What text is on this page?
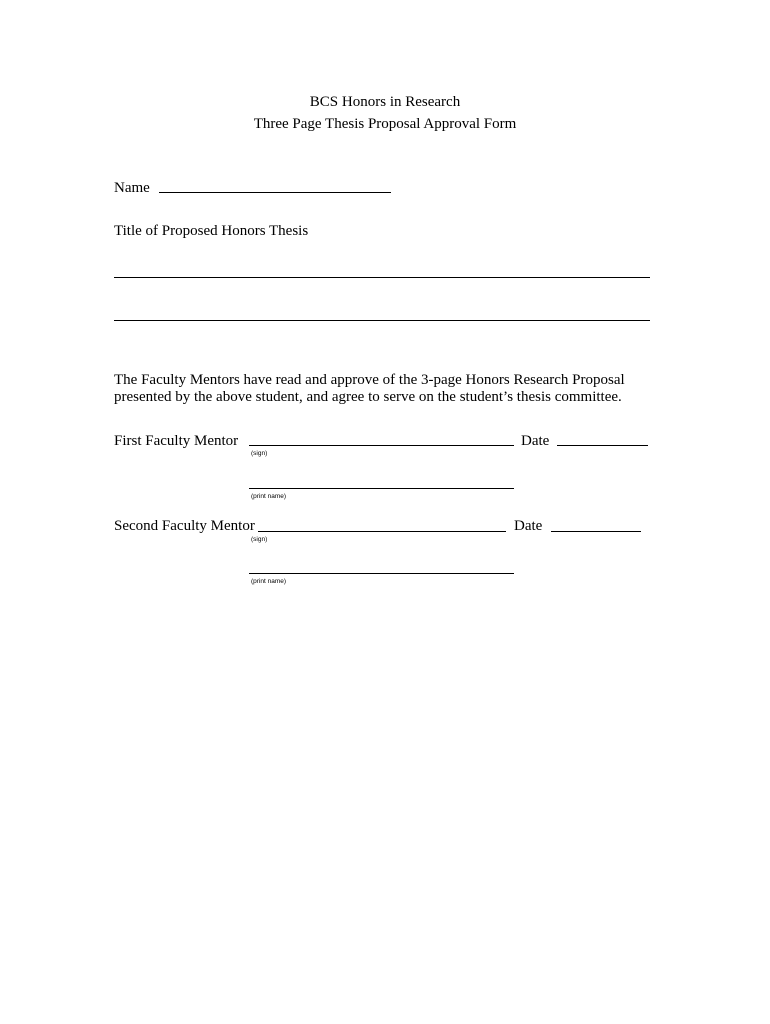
BCS Honors in Research
Three Page Thesis Proposal Approval Form
Name
Title of Proposed Honors Thesis
The Faculty Mentors have read and approve of the 3-page Honors Research Proposal
presented by the above student, and agree to serve on the student’s thesis committee.
First Faculty Mentor
(sign)
Date
(print name)
Second Faculty Mentor
(sign)
Date
(print name)
